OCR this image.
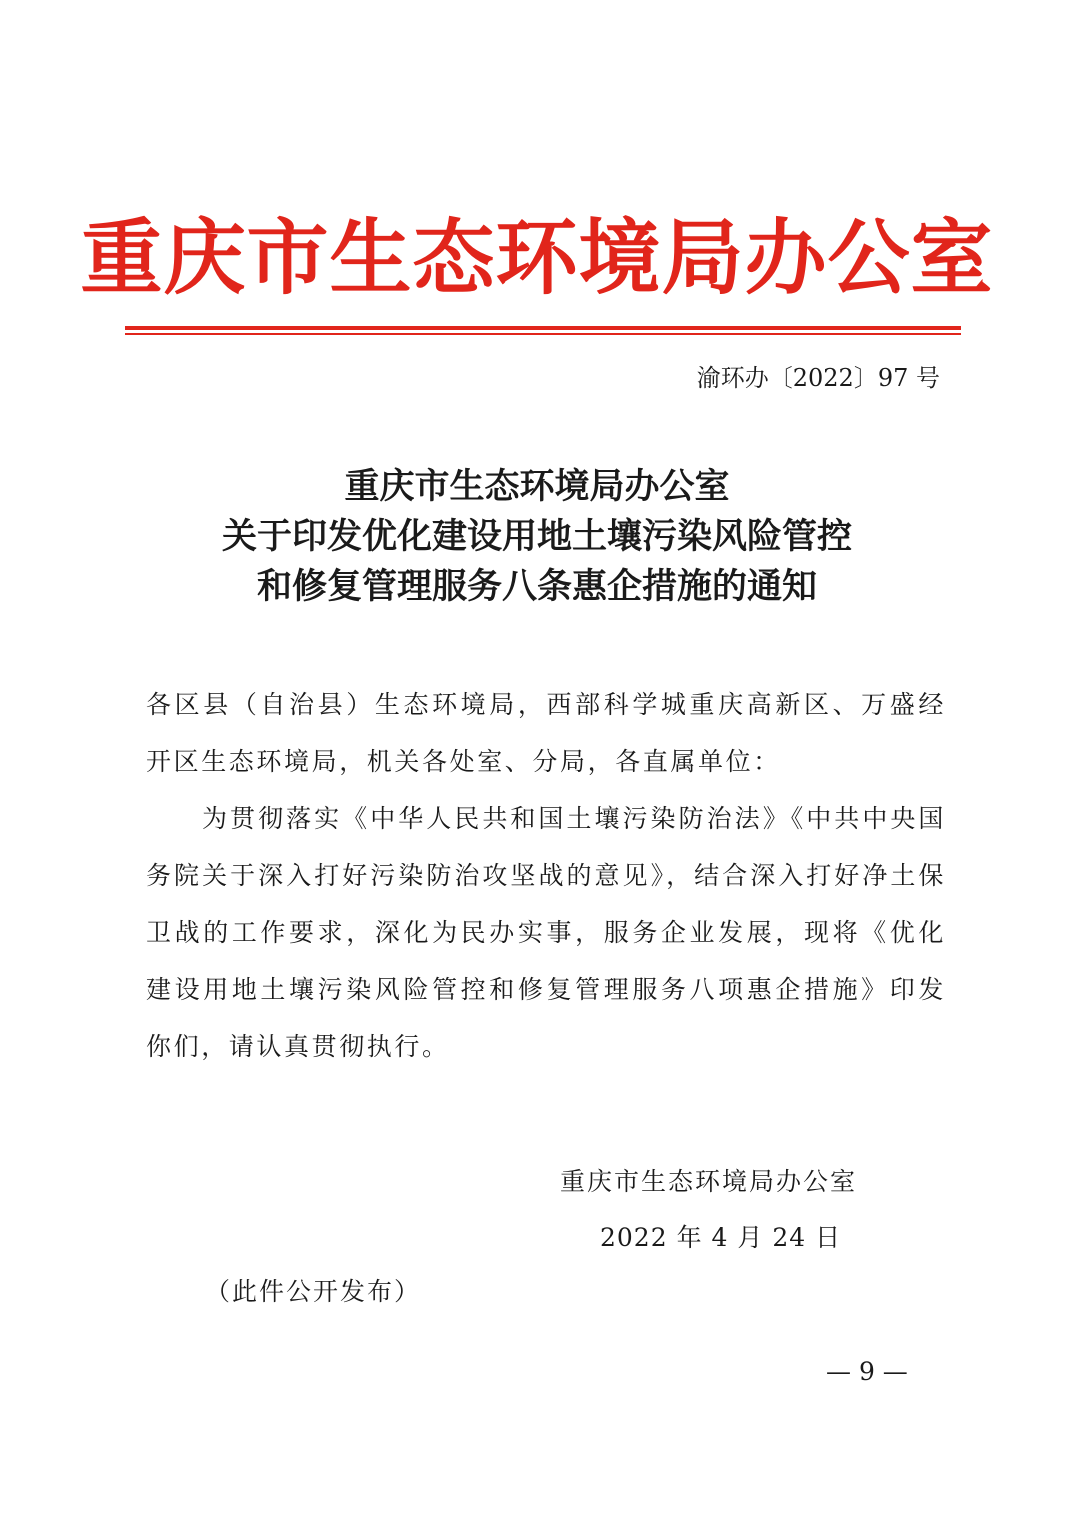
重庆市生态环境局办公室
渝环办〔2022〕97 号
重庆市生态环境局办公室
关于印发优化建设用地土壤污染风险管控
和修复管理服务八条惠企措施的通知

各区县（自治县）生态环境局，西部科学城重庆高新区、万盛经开区生态环境局，机关各处室、分局，各直属单位：

为贯彻落实《中华人民共和国土壤污染防治法》《中共中央国务院关于深入打好污染防治攻坚战的意见》，结合深入打好净土保卫战的工作要求，深化为民办实事，服务企业发展，现将《优化建设用地土壤污染风险管控和修复管理服务八项惠企措施》印发你们，请认真贯彻执行。

重庆市生态环境局办公室
2022 年 4 月 24 日
（此件公开发布）
— 9 —
